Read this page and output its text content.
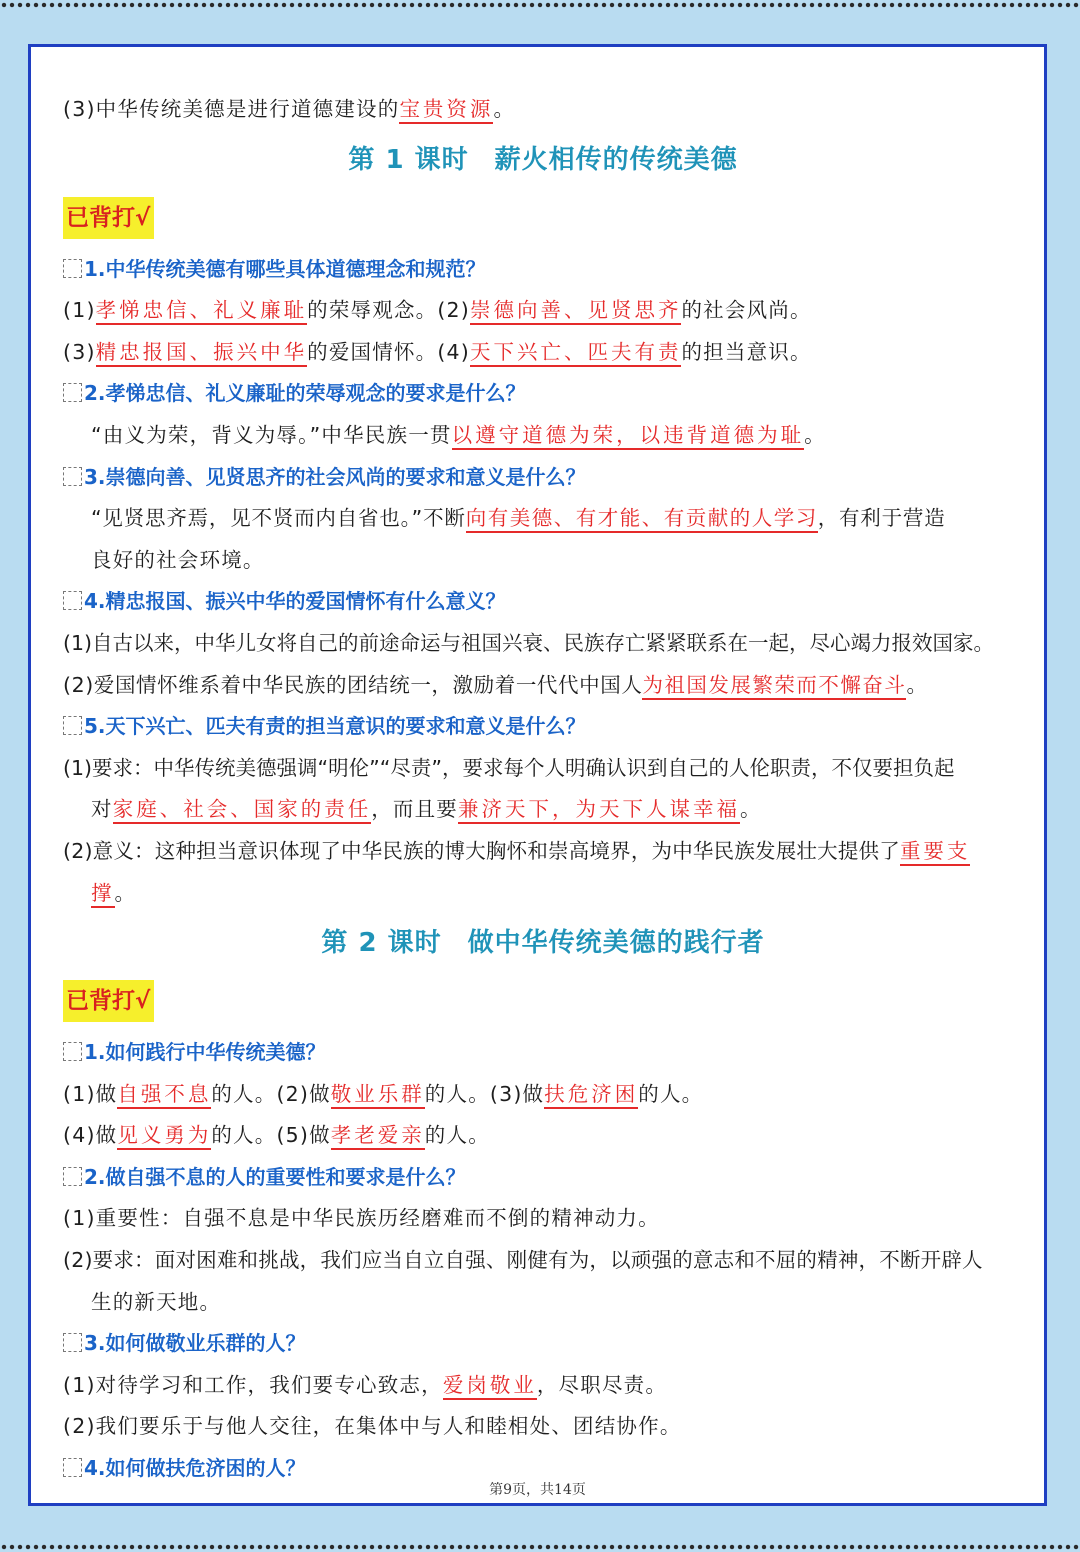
(3)中华传统美德是进行道德建设的宝贵资源。
第 1 课时 薪火相传的传统美德
已背打√
1.中华传统美德有哪些具体道德理念和规范？
(1)孝悌忠信、礼义廉耻的荣辱观念。(2)崇德向善、见贤思齐的社会风尚。
(3)精忠报国、振兴中华的爱国情怀。(4)天下兴亡、匹夫有责的担当意识。
2.孝悌忠信、礼义廉耻的荣辱观念的要求是什么？
“由义为荣，背义为辱。”中华民族一贯以遵守道德为荣，以违背道德为耻。
3.崇德向善、见贤思齐的社会风尚的要求和意义是什么？
“见贤思齐焉，见不贤而内自省也。”不断向有美德、有才能、有贡献的人学习，有利于营造
良好的社会环境。
4.精忠报国、振兴中华的爱国情怀有什么意义？
(1)自古以来，中华儿女将自己的前途命运与祖国兴衰、民族存亡紧紧联系在一起，尽心竭力报效国家。
(2)爱国情怀维系着中华民族的团结统一，激励着一代代中国人为祖国发展繁荣而不懈奋斗。
5.天下兴亡、匹夫有责的担当意识的要求和意义是什么？
(1)要求：中华传统美德强调“明伦”“尽责”，要求每个人明确认识到自己的人伦职责，不仅要担负起
对家庭、社会、国家的责任，而且要兼济天下，为天下人谋幸福。
(2)意义：这种担当意识体现了中华民族的博大胸怀和崇高境界，为中华民族发展壮大提供了重要支
撑。
第 2 课时 做中华传统美德的践行者
已背打√
1.如何践行中华传统美德？
(1)做自强不息的人。(2)做敬业乐群的人。(3)做扶危济困的人。
(4)做见义勇为的人。(5)做孝老爱亲的人。
2.做自强不息的人的重要性和要求是什么？
(1)重要性：自强不息是中华民族历经磨难而不倒的精神动力。
(2)要求：面对困难和挑战，我们应当自立自强、刚健有为，以顽强的意志和不屈的精神，不断开辟人
生的新天地。
3.如何做敬业乐群的人？
(1)对待学习和工作，我们要专心致志，爱岗敬业，尽职尽责。
(2)我们要乐于与他人交往，在集体中与人和睦相处、团结协作。
4.如何做扶危济困的人？
第9页，共14页
